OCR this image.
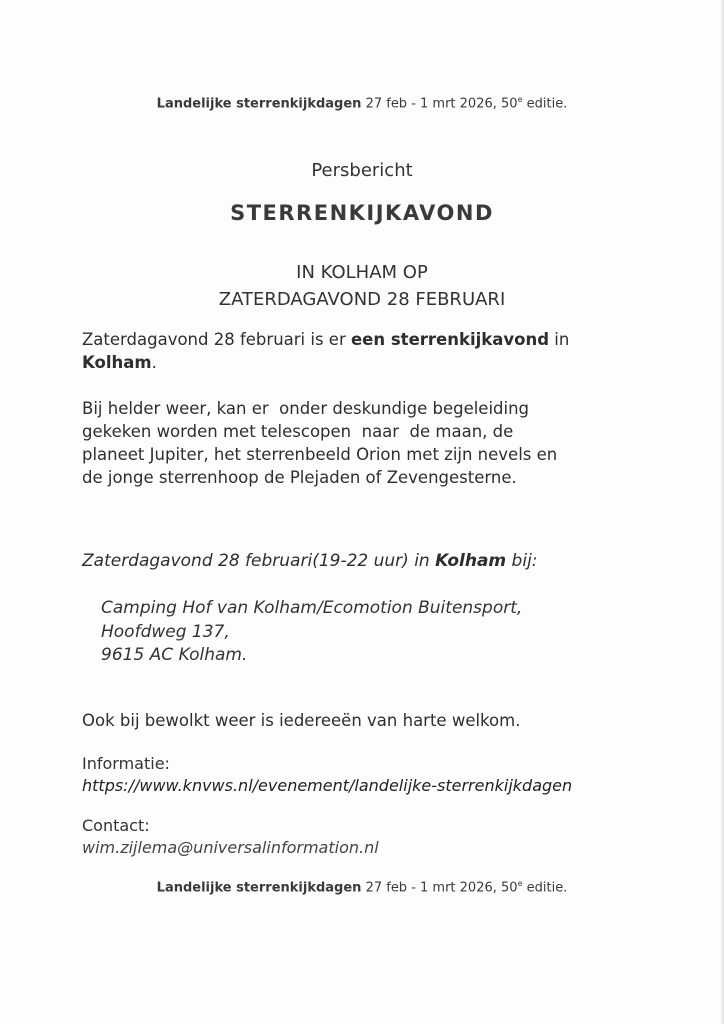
Landelijke sterrenkijkdagen 27 feb - 1 mrt 2026, 50e editie.
Persbericht
STERRENKIJKAVOND
IN KOLHAM OP
ZATERDAGAVOND 28 FEBRUARI
Zaterdagavond 28 februari is er een sterrenkijkavond in
Kolham.
Bij helder weer, kan er  onder deskundige begeleiding
gekeken worden met telescopen  naar  de maan, de
planeet Jupiter, het sterrenbeeld Orion met zijn nevels en
de jonge sterrenhoop de Plejaden of Zevengesterne.
Zaterdagavond 28 februari(19-22 uur) in Kolham bij:
Camping Hof van Kolham/Ecomotion Buitensport,
Hoofdweg 137,
9615 AC Kolham.
Ook bij bewolkt weer is iedereeën van harte welkom.
Informatie:
https://www.knvws.nl/evenement/landelijke-sterrenkijkdagen
Contact:
wim.zijlema@universalinformation.nl
Landelijke sterrenkijkdagen 27 feb - 1 mrt 2026, 50e editie.
